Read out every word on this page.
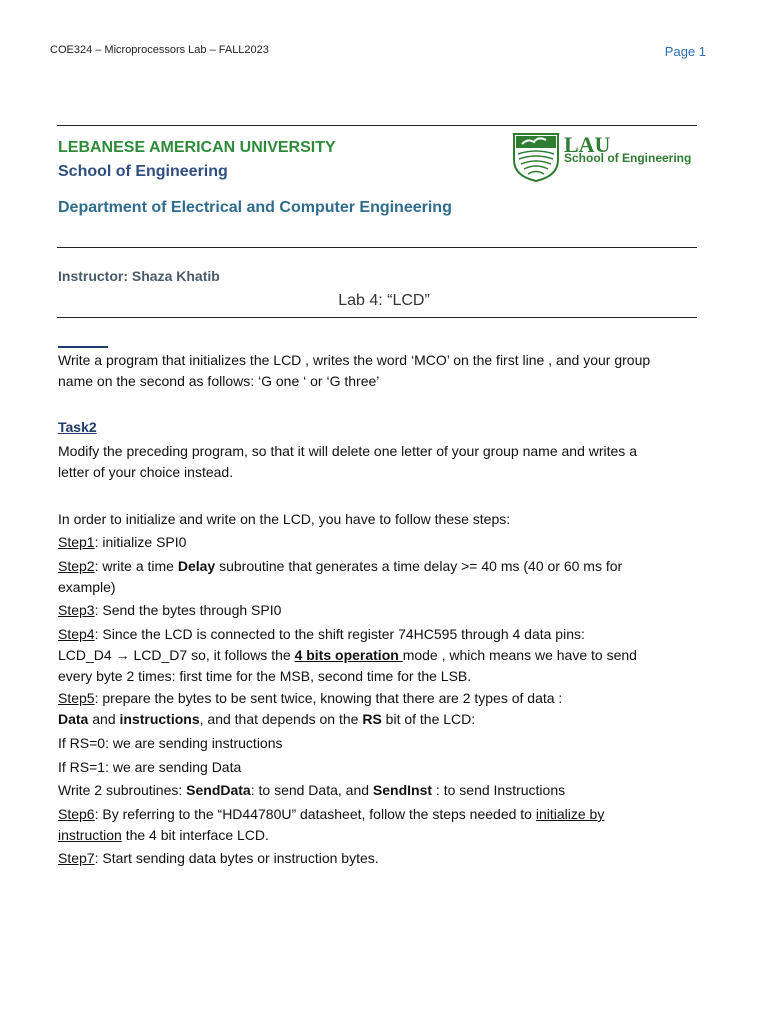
COE324 – Microprocessors Lab – FALL2023	Page 1
LEBANESE AMERICAN UNIVERSITY
School of Engineering
Department of Electrical and Computer Engineering
LAU
School of Engineering
Instructor: Shaza Khatib
Lab 4: “LCD”
Write a program that initializes the LCD , writes the word ‘MCO’ on the first line , and your group
name on the second as follows: ‘G one ‘ or ‘G three’
Task2
Modify the preceding program, so that it will delete one letter of your group name and writes a
letter of your choice instead.
In order to initialize and write on the LCD, you have to follow these steps:
Step1: initialize SPI0
Step2: write a time Delay subroutine that generates a time delay >= 40 ms (40 or 60 ms for
example)
Step3: Send the bytes through SPI0
Step4: Since the LCD is connected to the shift register 74HC595 through 4 data pins:
LCD_D4 → LCD_D7 so, it follows the 4 bits operation mode , which means we have to send
every byte 2 times: first time for the MSB, second time for the LSB.
Step5: prepare the bytes to be sent twice, knowing that there are 2 types of data :
Data and instructions, and that depends on the RS bit of the LCD:
If RS=0: we are sending instructions
If RS=1: we are sending Data
Write 2 subroutines: SendData: to send Data, and SendInst : to send Instructions
Step6: By referring to the “HD44780U” datasheet, follow the steps needed to initialize by
instruction the 4 bit interface LCD.
Step7: Start sending data bytes or instruction bytes.
